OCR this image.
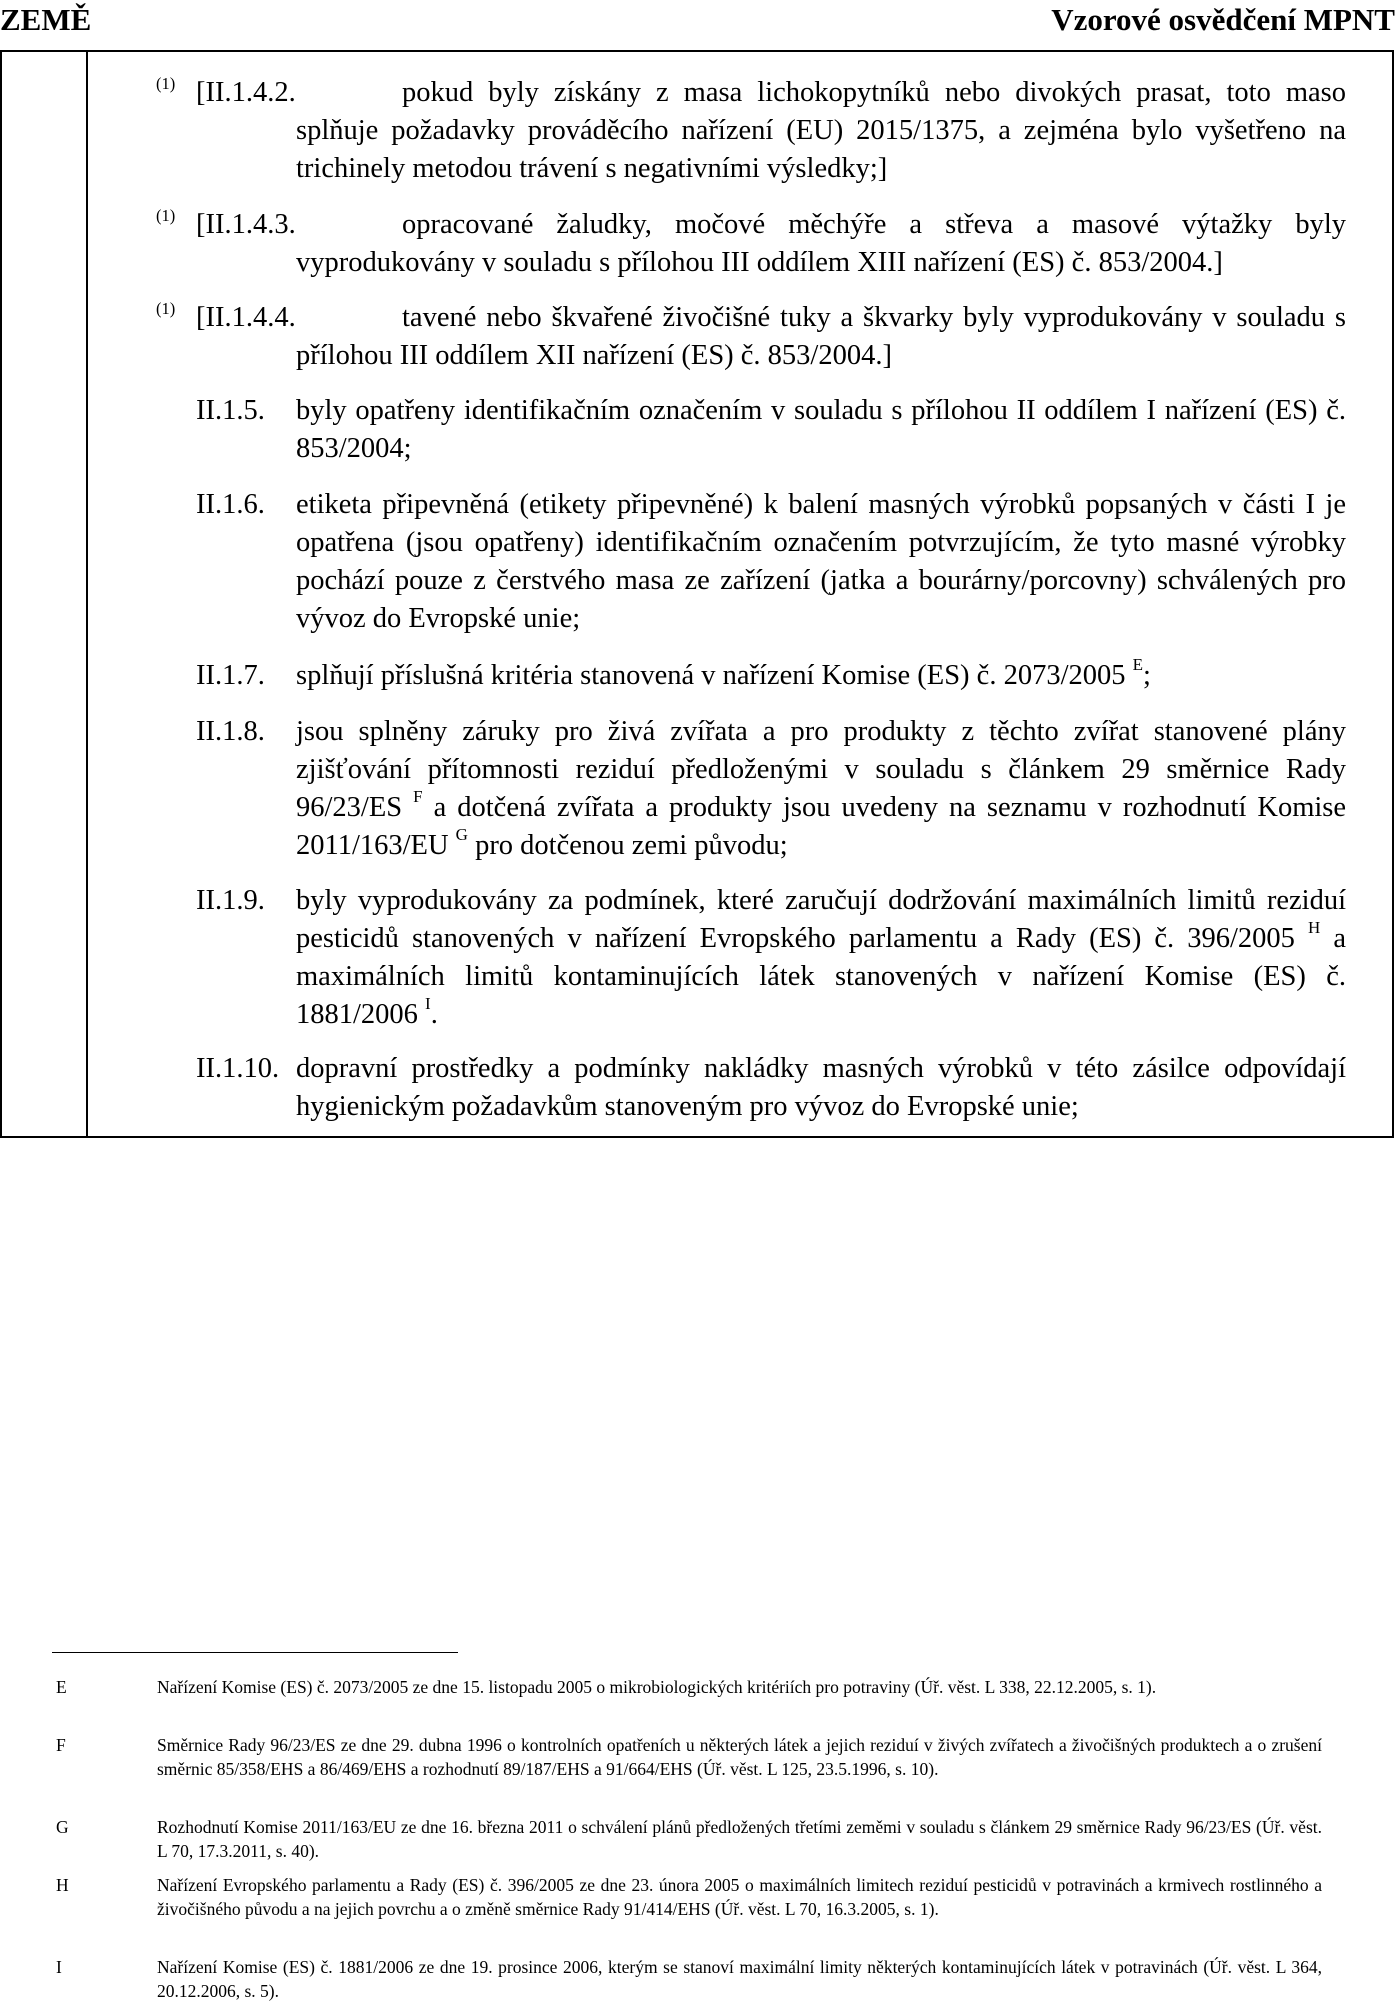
ZEMĚ	Vzorové osvědčení MPNT
(1) [II.1.4.2.	pokud byly získány z masa lichokopytníků nebo divokých prasat, toto maso splňuje požadavky prováděcího nařízení (EU) 2015/1375, a zejména bylo vyšetřeno na trichinely metodou trávení s negativními výsledky;]
(1) [II.1.4.3.	opracované žaludky, močové měchýře a střeva a masové výtažky byly vyprodukovány v souladu s přílohou III oddílem XIII nařízení (ES) č. 853/2004.]
(1) [II.1.4.4.	tavené nebo škvařené živočišné tuky a škvarky byly vyprodukovány v souladu s přílohou III oddílem XII nařízení (ES) č. 853/2004.]
II.1.5. byly opatřeny identifikačním označením v souladu s přílohou II oddílem I nařízení (ES) č. 853/2004;
II.1.6. etiketa připevněná (etikety připevněné) k balení masných výrobků popsaných v části I je opatřena (jsou opatřeny) identifikačním označením potvrzujícím, že tyto masné výrobky pochází pouze z čerstvého masa ze zařízení (jatka a bourárny/porcovny) schválených pro vývoz do Evropské unie;
II.1.7. splňují příslušná kritéria stanovená v nařízení Komise (ES) č. 2073/2005 $^E$;
II.1.8. jsou splněny záruky pro živá zvířata a pro produkty z těchto zvířat stanovené plány zjišťování přítomnosti reziduí předloženými v souladu s článkem 29 směrnice Rady 96/23/ES $^F$ a dotčená zvířata a produkty jsou uvedeny na seznamu v rozhodnutí Komise 2011/163/EU $^G$ pro dotčenou zemi původu;
II.1.9. byly vyprodukovány za podmínek, které zaručují dodržování maximálních limitů reziduí pesticidů stanovených v nařízení Evropského parlamentu a Rady (ES) č. 396/2005 $^H$ a maximálních limitů kontaminujících látek stanovených v nařízení Komise (ES) č. 1881/2006 $^I$.
II.1.10. dopravní prostředky a podmínky nakládky masných výrobků v této zásilce odpovídají hygienickým požadavkům stanoveným pro vývoz do Evropské unie;
E	Nařízení Komise (ES) č. 2073/2005 ze dne 15. listopadu 2005 o mikrobiologických kritériích pro potraviny (Úř. věst. L 338, 22.12.2005, s. 1).
F	Směrnice Rady 96/23/ES ze dne 29. dubna 1996 o kontrolních opatřeních u některých látek a jejich reziduí v živých zvířatech a živočišných produktech a o zrušení směrnic 85/358/EHS a 86/469/EHS a rozhodnutí 89/187/EHS a 91/664/EHS (Úř. věst. L 125, 23.5.1996, s. 10).
G	Rozhodnutí Komise 2011/163/EU ze dne 16. března 2011 o schválení plánů předložených třetími zeměmi v souladu s článkem 29 směrnice Rady 96/23/ES (Úř. věst. L 70, 17.3.2011, s. 40).
H	Nařízení Evropského parlamentu a Rady (ES) č. 396/2005 ze dne 23. února 2005 o maximálních limitech reziduí pesticidů v potravinách a krmivech rostlinného a živočišného původu a na jejich povrchu a o změně směrnice Rady 91/414/EHS (Úř. věst. L 70, 16.3.2005, s. 1).
I	Nařízení Komise (ES) č. 1881/2006 ze dne 19. prosince 2006, kterým se stanoví maximální limity některých kontaminujících látek v potravinách (Úř. věst. L 364, 20.12.2006, s. 5).
